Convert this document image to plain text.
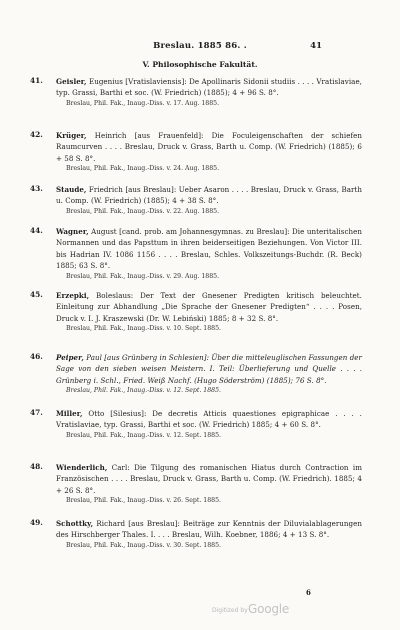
Breslau. 1885 86. .	41
V. Philosophische Fakultät.
41.	Geisler, Eugenius [Vratislaviensis]: De Apollinaris Sidonii studiis . . . . Vratislaviae, typ. Grassi, Barthi et soc. (W. Friedrich) (1885); 4 + 96 S. 8°.
Breslau, Phil. Fak., Inaug.-Diss. v. 17. Aug. 1885.
42.	Krüger, Heinrich [aus Frauenfeld]: Die Foculeigenschaften der schiefen Raumcurven . . . . Breslau, Druck v. Grass, Barth u. Comp. (W. Friedrich) (1885); 6 + 58 S. 8°.
Breslau, Phil. Fak., Inaug.-Diss. v. 24. Aug. 1885.
43.	Staude, Friedrich [aus Breslau]: Ueber Asaron . . . . Breslau, Druck v. Grass, Barth u. Comp. (W. Friedrich) (1885); 4 + 38 S. 8°.
Breslau, Phil. Fak., Inaug.-Diss. v. 22. Aug. 1885.
44.	Wagner, August [cand. prob. am Johannesgymnas. zu Breslau]: Die unteritalischen Normannen und das Papsttum in ihren beiderseitigen Beziehungen. Von Victor III. bis Hadrian IV. 1086 1156 . . . . Breslau, Schles. Volkszeitungs-Buchdr. (R. Beck) 1885; 63 S. 8°.
Breslau, Phil. Fak., Inaug.-Diss. v. 29. Aug. 1885.
45.	Erzepki, Boleslaus: Der Text der Gnesener Predigten kritisch beleuchtet. Einleitung zur Abhandlung „Die Sprache der Gnesener Predigten“ . . . . Posen, Druck v. I. J. Kraszewski (Dr. W. Lebiński) 1885; 8 + 32 S. 8°.
Breslau, Phil. Fak., Inaug.-Diss. v. 10. Sept. 1885.
46.	Peiper, Paul [aus Grünberg in Schlesien]: Über die mitteleuglischen Fassungen der Sage von den sieben weisen Meistern. I. Teil: Überlieferung und Quelle . . . . Grünberg i. Schl., Fried. Weiß Nachf. (Hugo Söderström) (1885); 76 S. 8°.
Breslau, Phil. Fak., Inaug.-Diss. v. 12. Sept. 1885.
47.	Miller, Otto [Silesius]: De decretis Atticis quaestiones epigraphicae . . . . Vratislaviae, typ. Grassi, Barthi et soc. (W. Friedrich) 1885; 4 + 60 S. 8°.
Breslau, Phil. Fak., Inaug.-Diss. v. 12. Sept. 1885.
48.	Wienderlich, Carl: Die Tilgung des romanischen Hiatus durch Contraction im Französischen . . . . Breslau, Druck v. Grass, Barth u. Comp. (W. Friedrich). 1885; 4 + 26 S. 8°.
Breslau, Phil. Fak., Inaug.-Diss. v. 26. Sept. 1885.
49.	Schottky, Richard [aus Breslau]: Beiträge zur Kenntnis der Diluvialablagerungen des Hirschberger Thales. I. . . . Breslau, Wilh. Koebner, 1886; 4 + 13 S. 8°.
Breslau, Phil. Fak., Inaug.-Diss. v. 30. Sept. 1885.
6
Digitized by Google
